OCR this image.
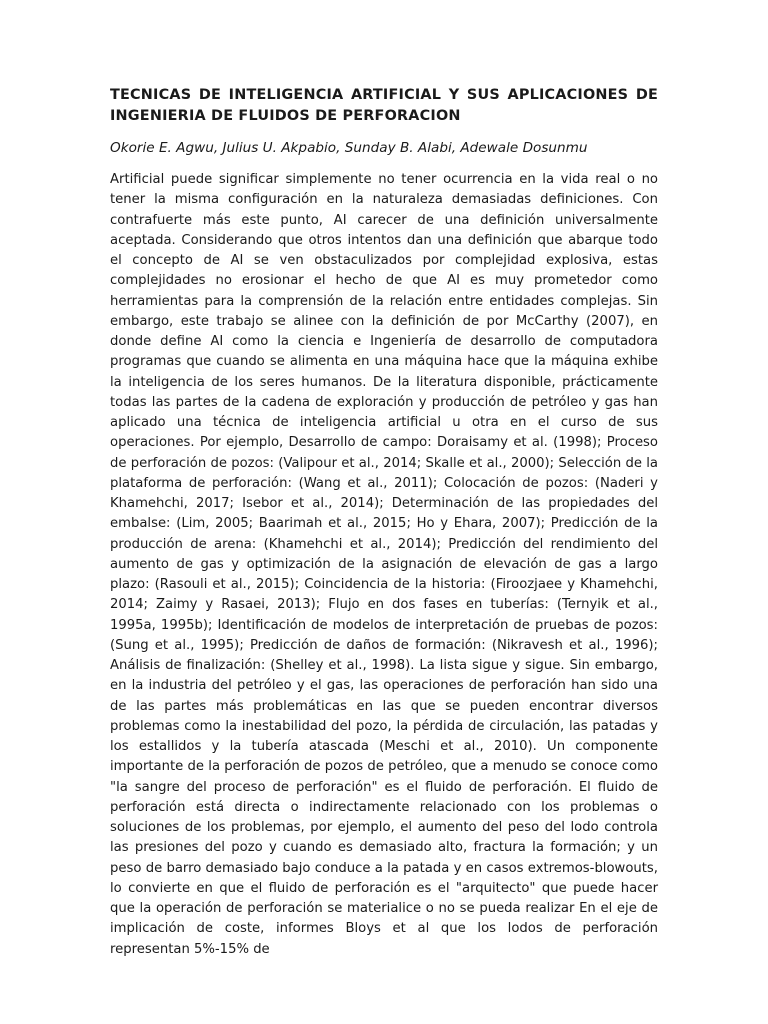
TECNICAS DE INTELIGENCIA ARTIFICIAL Y SUS APLICACIONES DE INGENIERIA DE FLUIDOS DE PERFORACION

Okorie E. Agwu, Julius U. Akpabio, Sunday B. Alabi, Adewale Dosunmu

Artificial puede significar simplemente no tener ocurrencia en la vida real o no tener la misma configuración en la naturaleza demasiadas definiciones. Con contrafuerte más este punto, AI carecer de una definición universalmente aceptada. Considerando que otros intentos dan una definición que abarque todo el concepto de AI se ven obstaculizados por complejidad explosiva, estas complejidades no erosionar el hecho de que AI es muy prometedor como herramientas para la comprensión de la relación entre entidades complejas. Sin embargo, este trabajo se alinee con la definición de por McCarthy (2007), en donde define AI como la ciencia e Ingeniería de desarrollo de computadora programas que cuando se alimenta en una máquina hace que la máquina exhibe la inteligencia de los seres humanos. De la literatura disponible, prácticamente todas las partes de la cadena de exploración y producción de petróleo y gas han aplicado una técnica de inteligencia artificial u otra en el curso de sus operaciones. Por ejemplo, Desarrollo de campo: Doraisamy et al. (1998); Proceso de perforación de pozos: (Valipour et al., 2014; Skalle et al., 2000); Selección de la plataforma de perforación: (Wang et al., 2011); Colocación de pozos: (Naderi y Khamehchi, 2017; Isebor et al., 2014); Determinación de las propiedades del embalse: (Lim, 2005; Baarimah et al., 2015; Ho y Ehara, 2007); Predicción de la producción de arena: (Khamehchi et al., 2014); Predicción del rendimiento del aumento de gas y optimización de la asignación de elevación de gas a largo plazo: (Rasouli et al., 2015); Coincidencia de la historia: (Firoozjaee y Khamehchi, 2014; Zaimy y Rasaei, 2013); Flujo en dos fases en tuberías: (Ternyik et al., 1995a, 1995b); Identificación de modelos de interpretación de pruebas de pozos: (Sung et al., 1995); Predicción de daños de formación: (Nikravesh et al., 1996); Análisis de finalización: (Shelley et al., 1998). La lista sigue y sigue. Sin embargo, en la industria del petróleo y el gas, las operaciones de perforación han sido una de las partes más problemáticas en las que se pueden encontrar diversos problemas como la inestabilidad del pozo, la pérdida de circulación, las patadas y los estallidos y la tubería atascada (Meschi et al., 2010). Un componente importante de la perforación de pozos de petróleo, que a menudo se conoce como "la sangre del proceso de perforación" es el fluido de perforación. El fluido de perforación está directa o indirectamente relacionado con los problemas o soluciones de los problemas, por ejemplo, el aumento del peso del lodo controla las presiones del pozo y cuando es demasiado alto, fractura la formación; y un peso de barro demasiado bajo conduce a la patada y en casos extremos-blowouts, lo convierte en que el fluido de perforación es el "arquitecto" que puede hacer que la operación de perforación se materialice o no se pueda realizar En el eje de implicación de coste, informes Bloys et al que los lodos de perforación representan 5%-15% de
